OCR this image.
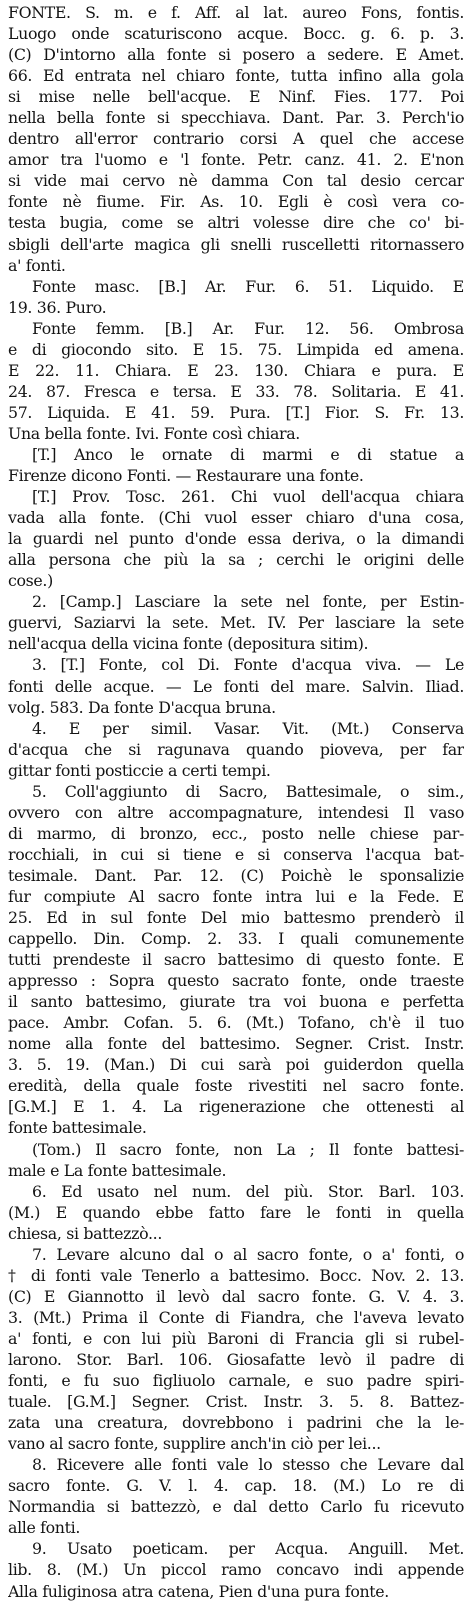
FONTE. S. m. e f. Aff. al lat. aureo Fons, fontis.
Luogo onde scaturiscono acque. Bocc. g. 6. p. 3.
(C) D'intorno alla fonte si posero a sedere. E Amet.
66. Ed entrata nel chiaro fonte, tutta infino alla gola
si mise nelle bell'acque. E Ninf. Fies. 177. Poi
nella bella fonte si specchiava. Dant. Par. 3. Perch'io
dentro all'error contrario corsi A quel che accese
amor tra l'uomo e 'l fonte. Petr. canz. 41. 2. E'non
si vide mai cervo nè damma Con tal desio cercar
fonte nè fiume. Fir. As. 10. Egli è così vera co-
testa bugia, come se altri volesse dire che co' bi-
sbigli dell'arte magica gli snelli ruscelletti ritornassero
a' fonti.
Fonte masc. [B.] Ar. Fur. 6. 51. Liquido. E
19. 36. Puro.
Fonte femm. [B.] Ar. Fur. 12. 56. Ombrosa
e di giocondo sito. E 15. 75. Limpida ed amena.
E 22. 11. Chiara. E 23. 130. Chiara e pura. E
24. 87. Fresca e tersa. E 33. 78. Solitaria. E 41.
57. Liquida. E 41. 59. Pura. [T.] Fior. S. Fr. 13.
Una bella fonte. Ivi. Fonte così chiara.
[T.] Anco le ornate di marmi e di statue a
Firenze dicono Fonti. — Restaurare una fonte.
[T.] Prov. Tosc. 261. Chi vuol dell'acqua chiara
vada alla fonte. (Chi vuol esser chiaro d'una cosa,
la guardi nel punto d'onde essa deriva, o la dimandi
alla persona che più la sa ; cerchi le origini delle
cose.)
2. [Camp.] Lasciare la sete nel fonte, per Estin-
guervi, Saziarvi la sete. Met. IV. Per lasciare la sete
nell'acqua della vicina fonte (depositura sitim).
3. [T.] Fonte, col Di. Fonte d'acqua viva. — Le
fonti delle acque. — Le fonti del mare. Salvin. Iliad.
volg. 583. Da fonte D'acqua bruna.
4. E per simil. Vasar. Vit. (Mt.) Conserva
d'acqua che si ragunava quando pioveva, per far
gittar fonti posticcie a certi tempi.
5. Coll'aggiunto di Sacro, Battesimale, o sim.,
ovvero con altre accompagnature, intendesi Il vaso
di marmo, di bronzo, ecc., posto nelle chiese par-
rocchiali, in cui si tiene e si conserva l'acqua bat-
tesimale. Dant. Par. 12. (C) Poichè le sponsalizie
fur compiute Al sacro fonte intra lui e la Fede. E
25. Ed in sul fonte Del mio battesmo prenderò il
cappello. Din. Comp. 2. 33. I quali comunemente
tutti prendeste il sacro battesimo di questo fonte. E
appresso : Sopra questo sacrato fonte, onde traeste
il santo battesimo, giurate tra voi buona e perfetta
pace. Ambr. Cofan. 5. 6. (Mt.) Tofano, ch'è il tuo
nome alla fonte del battesimo. Segner. Crist. Instr.
3. 5. 19. (Man.) Di cui sarà poi guiderdon quella
eredità, della quale foste rivestiti nel sacro fonte.
[G.M.] E 1. 4. La rigenerazione che ottenesti al
fonte battesimale.
(Tom.) Il sacro fonte, non La ; Il fonte battesi-
male e La fonte battesimale.
6. Ed usato nel num. del più. Stor. Barl. 103.
(M.) E quando ebbe fatto fare le fonti in quella
chiesa, si battezzò...
7. Levare alcuno dal o al sacro fonte, o a' fonti, o
† di fonti vale Tenerlo a battesimo. Bocc. Nov. 2. 13.
(C) E Giannotto il levò dal sacro fonte. G. V. 4. 3.
3. (Mt.) Prima il Conte di Fiandra, che l'aveva levato
a' fonti, e con lui più Baroni di Francia gli si rubel-
larono. Stor. Barl. 106. Giosafatte levò il padre di
fonti, e fu suo figliuolo carnale, e suo padre spiri-
tuale. [G.M.] Segner. Crist. Instr. 3. 5. 8. Battez-
zata una creatura, dovrebbono i padrini che la le-
vano al sacro fonte, supplire anch'in ciò per lei...
8. Ricevere alle fonti vale lo stesso che Levare dal
sacro fonte. G. V. l. 4. cap. 18. (M.) Lo re di
Normandia si battezzò, e dal detto Carlo fu ricevuto
alle fonti.
9. Usato poeticam. per Acqua. Anguill. Met.
lib. 8. (M.) Un piccol ramo concavo indi appende
Alla fuliginosa atra catena, Pien d'una pura fonte.
